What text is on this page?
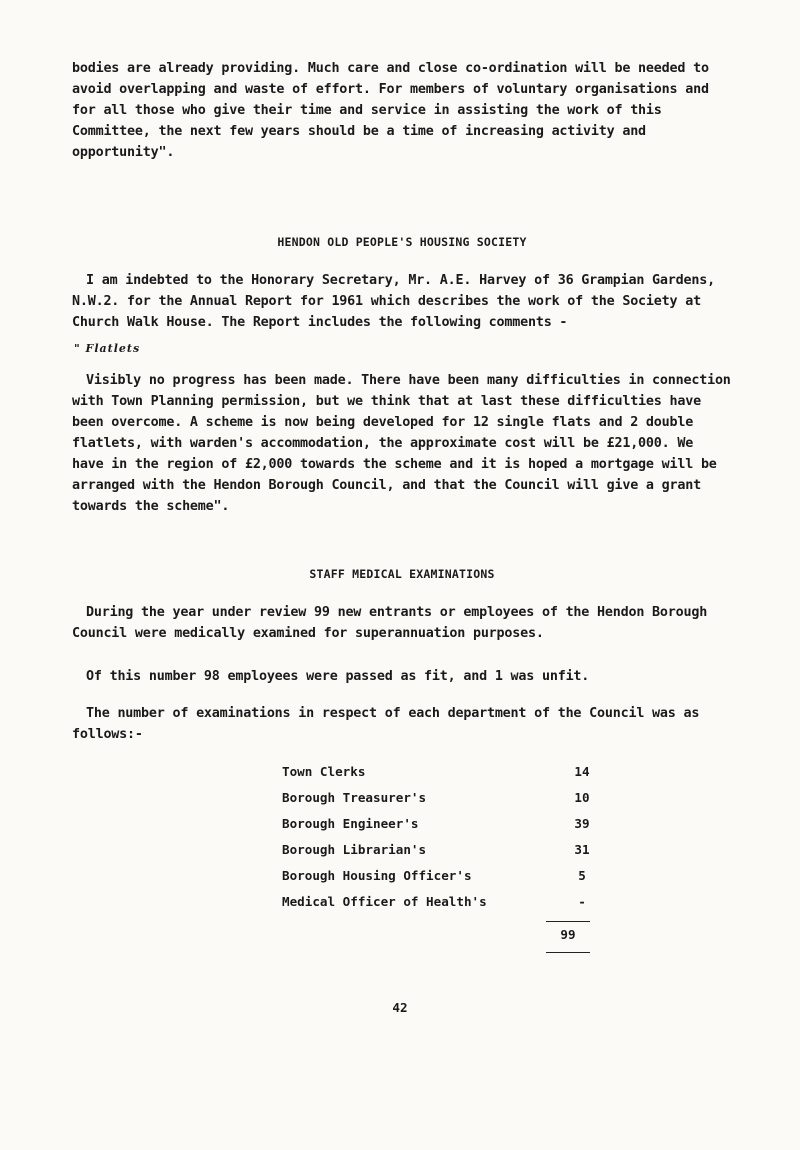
bodies are already providing. Much care and close co-ordination will be needed to avoid overlapping and waste of effort. For members of voluntary organisations and for all those who give their time and service in assisting the work of this Committee, the next few years should be a time of increasing activity and opportunity".

HENDON OLD PEOPLE'S HOUSING SOCIETY

I am indebted to the Honorary Secretary, Mr. A.E. Harvey of 36 Grampian Gardens, N.W.2. for the Annual Report for 1961 which describes the work of the Society at Church Walk House. The Report includes the following comments -

" Flatlets

Visibly no progress has been made. There have been many difficulties in connection with Town Planning permission, but we think that at last these difficulties have been overcome. A scheme is now being developed for 12 single flats and 2 double flatlets, with warden's accommodation, the approximate cost will be £21,000. We have in the region of £2,000 towards the scheme and it is hoped a mortgage will be arranged with the Hendon Borough Council, and that the Council will give a grant towards the scheme".

STAFF MEDICAL EXAMINATIONS

During the year under review 99 new entrants or employees of the Hendon Borough Council were medically examined for superannuation purposes.

Of this number 98 employees were passed as fit, and 1 was unfit.

The number of examinations in respect of each department of the Council was as follows:-

Town Clerks	14
Borough Treasurer's	10
Borough Engineer's	39
Borough Librarian's	31
Borough Housing Officer's	5
Medical Officer of Health's	-
99
42
